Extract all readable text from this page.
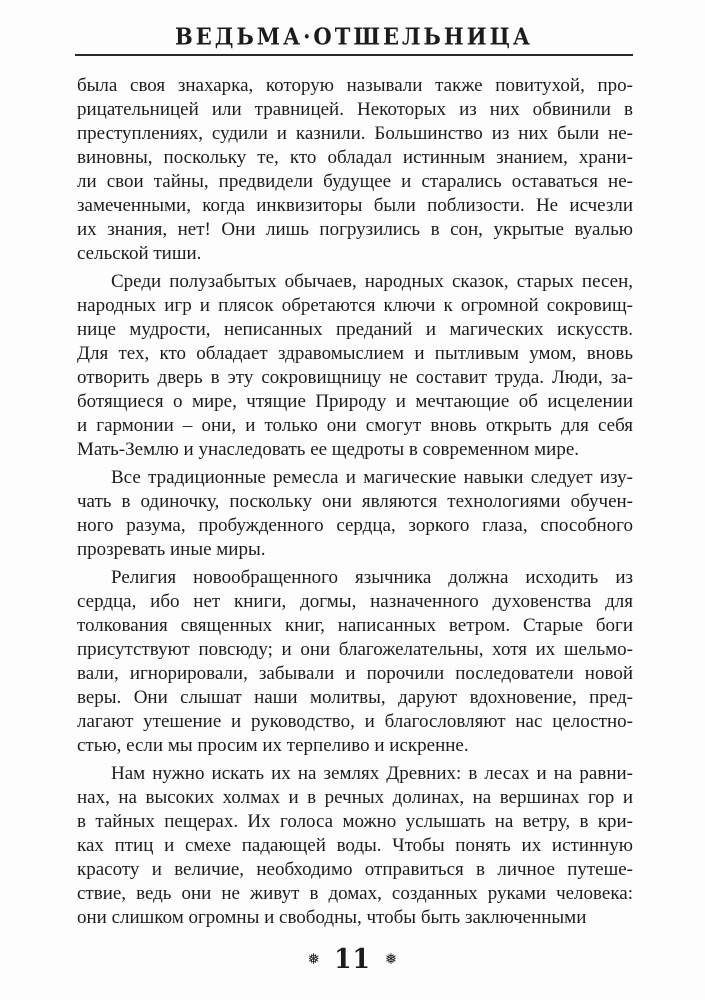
ВЕДЬМА·ОТШЕЛЬНИЦА
была своя знахарка, которую называли также повитухой, про-
рицательницей или травницей. Некоторых из них обвинили в
преступлениях, судили и казнили. Большинство из них были не-
виновны, поскольку те, кто обладал истинным знанием, храни-
ли свои тайны, предвидели будущее и старались оставаться не-
замеченными, когда инквизиторы были поблизости. Не исчезли
их знания, нет! Они лишь погрузились в сон, укрытые вуалью
сельской тиши.
Среди полузабытых обычаев, народных сказок, старых песен,
народных игр и плясок обретаются ключи к огромной сокровищ-
нице мудрости, неписанных преданий и магических искусств.
Для тех, кто обладает здравомыслием и пытливым умом, вновь
отворить дверь в эту сокровищницу не составит труда. Люди, за-
ботящиеся о мире, чтящие Природу и мечтающие об исцелении
и гармонии – они, и только они смогут вновь открыть для себя
Мать-Землю и унаследовать ее щедроты в современном мире.
Все традиционные ремесла и магические навыки следует изу-
чать в одиночку, поскольку они являются технологиями обучен-
ного разума, пробужденного сердца, зоркого глаза, способного
прозревать иные миры.
Религия новообращенного язычника должна исходить из
сердца, ибо нет книги, догмы, назначенного духовенства для
толкования священных книг, написанных ветром. Старые боги
присутствуют повсюду; и они благожелательны, хотя их шельмо-
вали, игнорировали, забывали и порочили последователи новой
веры. Они слышат наши молитвы, даруют вдохновение, пред-
лагают утешение и руководство, и благословляют нас целостно-
стью, если мы просим их терпеливо и искренне.
Нам нужно искать их на землях Древних: в лесах и на равни-
нах, на высоких холмах и в речных долинах, на вершинах гор и
в тайных пещерах. Их голоса можно услышать на ветру, в кри-
ках птиц и смехе падающей воды. Чтобы понять их истинную
красоту и величие, необходимо отправиться в личное путеше-
ствие, ведь они не живут в домах, созданных руками человека:
они слишком огромны и свободны, чтобы быть заключенными
❅ 11 ❅
